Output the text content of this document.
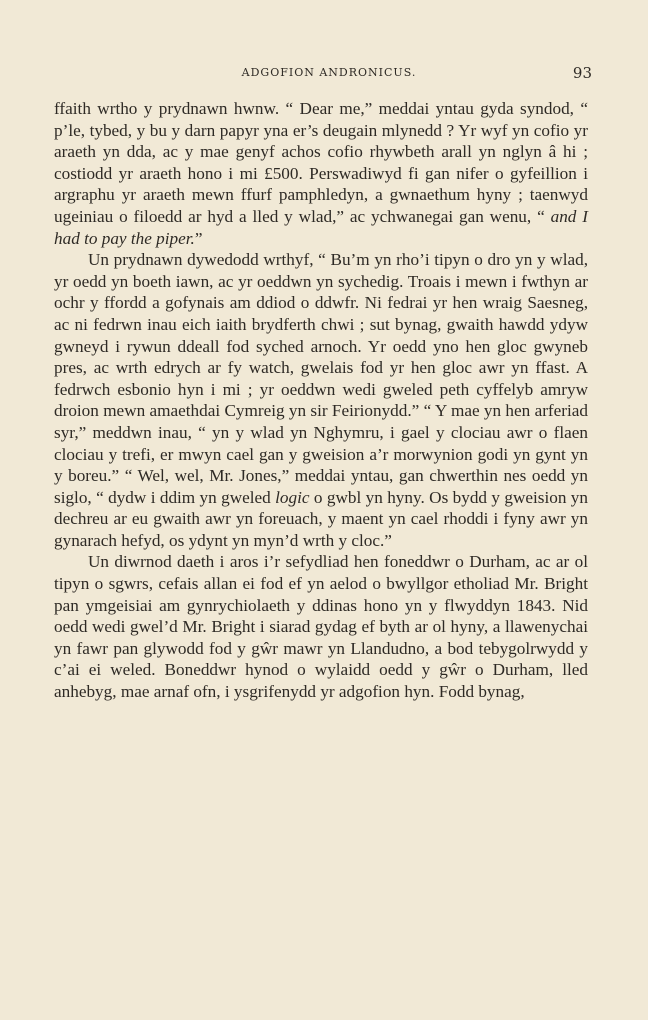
ADGOFION ANDRONICUS.	93

ffaith wrtho y prydnawn hwnw. “ Dear me,” meddai yntau gyda syndod, “ p’le, tybed, y bu y darn papyr yna er’s deugain mlynedd ? Yr wyf yn cofio yr araeth yn dda, ac y mae genyf achos cofio rhywbeth arall yn nglyn â hi ; costiodd yr araeth hono i mi £500. Perswadiwyd fi gan nifer o gyfeillion i argraphu yr araeth mewn ffurf pamphledyn, a gwnaethum hyny ; taenwyd ugeiniau o filoedd ar hyd a lled y wlad,” ac ychwanegai gan wenu, “ and I had to pay the piper.”

Un prydnawn dywedodd wrthyf, “ Bu’m yn rho’i tipyn o dro yn y wlad, yr oedd yn boeth iawn, ac yr oeddwn yn sychedig. Troais i mewn i fwthyn ar ochr y ffordd a gofynais am ddiod o ddwfr. Ni fedrai yr hen wraig Saesneg, ac ni fedrwn inau eich iaith brydferth chwi ; sut bynag, gwaith hawdd ydyw gwneyd i rywun ddeall fod syched arnoch. Yr oedd yno hen gloc gwyneb pres, ac wrth edrych ar fy watch, gwelais fod yr hen gloc awr yn ffast. A fedrwch esbonio hyn i mi ; yr oeddwn wedi gweled peth cyffelyb amryw droion mewn amaethdai Cymreig yn sir Feirionydd.” “ Y mae yn hen arferiad syr,” meddwn inau, “ yn y wlad yn Nghymru, i gael y clociau awr o flaen clociau y trefi, er mwyn cael gan y gweision a’r morwynion godi yn gynt yn y boreu.” “ Wel, wel, Mr. Jones,” meddai yntau, gan chwerthin nes oedd yn siglo, “ dydw i ddim yn gweled logic o gwbl yn hyny. Os bydd y gweision yn dechreu ar eu gwaith awr yn foreuach, y maent yn cael rhoddi i fyny awr yn gynarach hefyd, os ydynt yn myn’d wrth y cloc.”

Un diwrnod daeth i aros i’r sefydliad hen foneddwr o Durham, ac ar ol tipyn o sgwrs, cefais allan ei fod ef yn aelod o bwyllgor etholiad Mr. Bright pan ymgeisiai am gynrychiolaeth y ddinas hono yn y flwyddyn 1843. Nid oedd wedi gwel’d Mr. Bright i siarad gydag ef byth ar ol hyny, a llawenychai yn fawr pan glywodd fod y gŵr mawr yn Llandudno, a bod tebygolrwydd y c’ai ei weled. Boneddwr hynod o wylaidd oedd y gŵr o Durham, lled anhebyg, mae arnaf ofn, i ysgrifenydd yr adgofion hyn. Fodd bynag,
